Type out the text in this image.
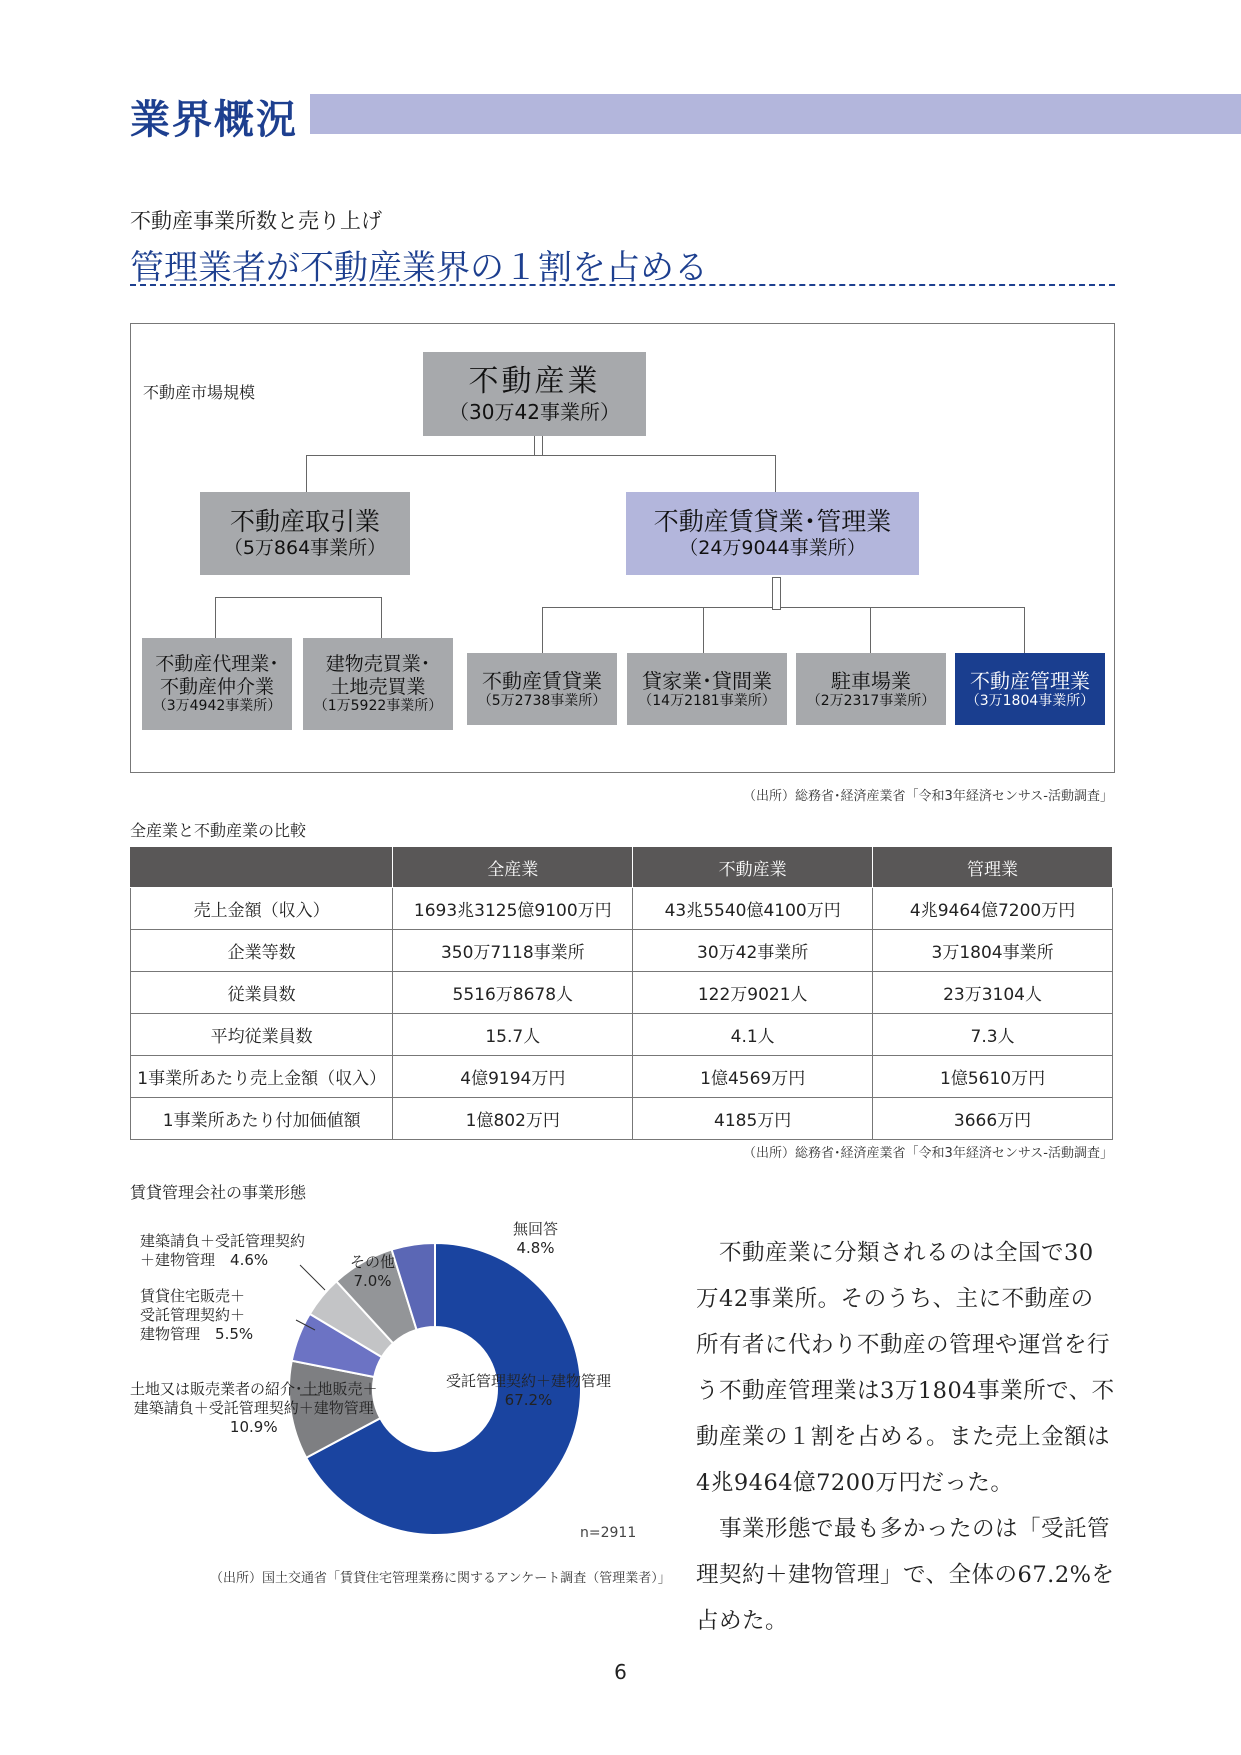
業界概況
不動産事業所数と売り上げ
管理業者が不動産業界の１割を占める
不動産市場規模	不動産業
（30万42事業所）
不動産取引業
（5万864事業所）
不動産賃貸業･管理業
（24万9044事業所）
不動産代理業･
不動産仲介業
（3万4942事業所）
建物売買業･
土地売買業
（1万5922事業所）
不動産賃貸業
（5万2738事業所）
貸家業･貸間業
（14万2181事業所）
駐車場業
（2万2317事業所）
不動産管理業
（3万1804事業所）
（出所）総務省･経済産業省「令和3年経済センサス-活動調査」
全産業と不動産業の比較
	全産業	不動産業	管理業
売上金額（収入）	1693兆3125億9100万円	43兆5540億4100万円	4兆9464億7200万円
企業等数	350万7118事業所	30万42事業所	3万1804事業所
従業員数	5516万8678人	122万9021人	23万3104人
平均従業員数	15.7人	4.1人	7.3人
1事業所あたり売上金額（収入）	4億9194万円	1億4569万円	1億5610万円
1事業所あたり付加価値額	1億802万円	4185万円	3666万円
（出所）総務省･経済産業省「令和3年経済センサス-活動調査」
賃貸管理会社の事業形態
受託管理契約＋建物管理
67.2%
土地又は販売業者の紹介･土地販売＋
建築請負＋受託管理契約＋建物管理
10.9%
賃貸住宅販売＋
受託管理契約＋
建物管理　 5.5%
建築請負＋受託管理契約
＋建物管理　 4.6%	その他
7.0%
無回答
4.8%
n=2911
（出所）国土交通省「賃貸住宅管理業務に関するアンケート調査（管理業者）」
　不動産業に分類されるのは全国で30万42事業所。そのうち、主に不動産の所有者に代わり不動産の管理や運営を行う不動産管理業は3万1804事業所で、不動産業の１割を占める。また売上金額は4兆9464億7200万円だった。
　事業形態で最も多かったのは「受託管理契約＋建物管理」で、全体の67.2%を占めた。
6
